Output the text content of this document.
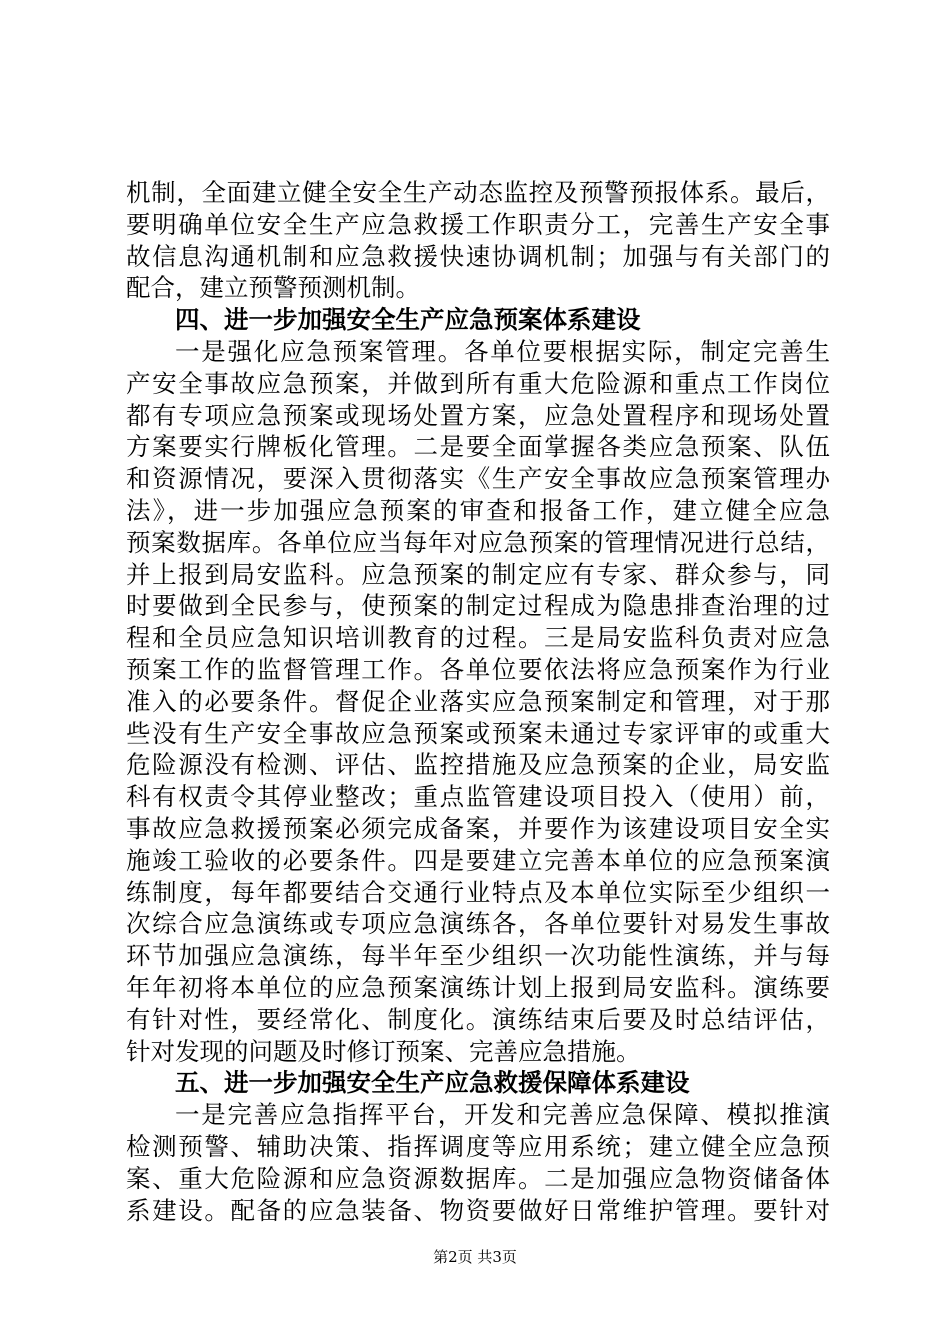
机制，全面建立健全安全生产动态监控及预警预报体系。最后，
要明确单位安全生产应急救援工作职责分工，完善生产安全事
故信息沟通机制和应急救援快速协调机制；加强与有关部门的
配合，建立预警预测机制。
四、进一步加强安全生产应急预案体系建设
一是强化应急预案管理。各单位要根据实际，制定完善生
产安全事故应急预案，并做到所有重大危险源和重点工作岗位
都有专项应急预案或现场处置方案，应急处置程序和现场处置
方案要实行牌板化管理。二是要全面掌握各类应急预案、队伍
和资源情况，要深入贯彻落实《生产安全事故应急预案管理办
法》，进一步加强应急预案的审查和报备工作，建立健全应急
预案数据库。各单位应当每年对应急预案的管理情况进行总结，
并上报到局安监科。应急预案的制定应有专家、群众参与，同
时要做到全民参与，使预案的制定过程成为隐患排查治理的过
程和全员应急知识培训教育的过程。三是局安监科负责对应急
预案工作的监督管理工作。各单位要依法将应急预案作为行业
准入的必要条件。督促企业落实应急预案制定和管理，对于那
些没有生产安全事故应急预案或预案未通过专家评审的或重大
危险源没有检测、评估、监控措施及应急预案的企业，局安监
科有权责令其停业整改；重点监管建设项目投入（使用）前，
事故应急救援预案必须完成备案，并要作为该建设项目安全实
施竣工验收的必要条件。四是要建立完善本单位的应急预案演
练制度，每年都要结合交通行业特点及本单位实际至少组织一
次综合应急演练或专项应急演练各，各单位要针对易发生事故
环节加强应急演练，每半年至少组织一次功能性演练，并与每
年年初将本单位的应急预案演练计划上报到局安监科。演练要
有针对性，要经常化、制度化。演练结束后要及时总结评估，
针对发现的问题及时修订预案、完善应急措施。
五、进一步加强安全生产应急救援保障体系建设
一是完善应急指挥平台，开发和完善应急保障、模拟推演
检测预警、辅助决策、指挥调度等应用系统；建立健全应急预
案、重大危险源和应急资源数据库。二是加强应急物资储备体
系建设。配备的应急装备、物资要做好日常维护管理。要针对
第2页 共3页
